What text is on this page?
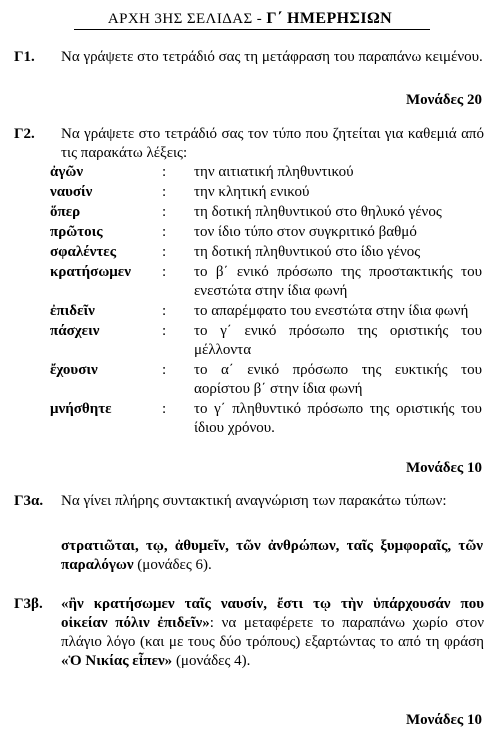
ΑΡΧΗ 3ΗΣ ΣΕΛΙΔΑΣ - Γ΄ ΗΜΕΡΗΣΙΩΝ
Γ1. Να γράψετε στο τετράδιό σας τη μετάφραση του παραπάνω κειμένου.
Μονάδες 20
Γ2. Να γράψετε στο τετράδιό σας τον τύπο που ζητείται για καθεμιά από τις παρακάτω λέξεις:
ἀγῶν	:	την αιτιατική πληθυντικού
ναυσίν	:	την κλητική ενικού
ὅπερ	:	τη δοτική πληθυντικού στο θηλυκό γένος
πρῶτοις	:	τον ίδιο τύπο στον συγκριτικό βαθμό
σφαλέντες	:	τη δοτική πληθυντικού στο ίδιο γένος
κρατήσωμεν	:	το β΄ ενικό πρόσωπο της προστακτικής του ενεστώτα στην ίδια φωνή
ἐπιδεῖν	:	το απαρέμφατο του ενεστώτα στην ίδια φωνή
πάσχειν	:	το γ΄ ενικό πρόσωπο της οριστικής του μέλλοντα
ἔχουσιν	:	το α΄ ενικό πρόσωπο της ευκτικής του αορίστου β΄ στην ίδια φωνή
μνήσθητε	:	το γ΄ πληθυντικό πρόσωπο της οριστικής του ίδιου χρόνου.
Μονάδες 10
Γ3α. Να γίνει πλήρης συντακτική αναγνώριση των παρακάτω τύπων:
στρατιῶται, τῳ, ἀθυμεῖν, τῶν ἀνθρώπων, ταῖς ξυμφοραῖς, τῶν παραλόγων (μονάδες 6).
Γ3β. «ἢν κρατήσωμεν ταῖς ναυσίν, ἔστι τῳ τὴν ὑπάρχουσάν που οἰκείαν πόλιν ἐπιδεῖν»: να μεταφέρετε το παραπάνω χωρίο στον πλάγιο λόγο (και με τους δύο τρόπους) εξαρτώντας το από τη φράση «Ὁ Νικίας εἶπεν» (μονάδες 4).
Μονάδες 10
